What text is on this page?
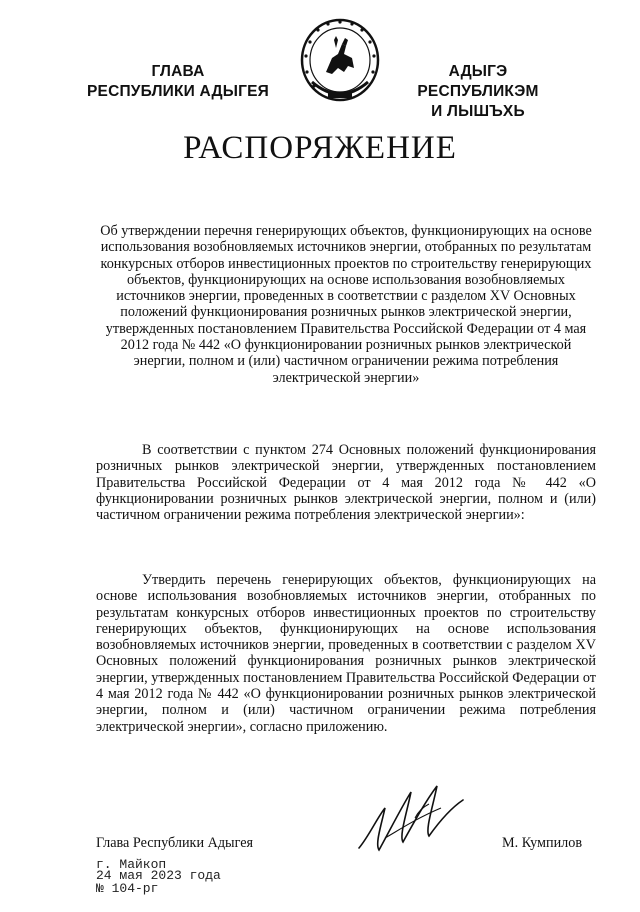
ГЛАВА
РЕСПУБЛИКИ АДЫГЕЯ
АДЫГЭ РЕСПУБЛИКЭМ
И ЛЫШЪХЬ
РАСПОРЯЖЕНИЕ
Об утверждении перечня генерирующих объектов, функционирующих на основе использования возобновляемых источников энергии, отобранных по результатам конкурсных отборов инвестиционных проектов по строительству генерирующих объектов, функционирующих на основе использования возобновляемых источников энергии, проведенных в соответствии с разделом XV Основных положений функционирования розничных рынков электрической энергии, утвержденных постановлением Правительства Российской Федерации от 4 мая 2012 года № 442 «О функционировании розничных рынков электрической энергии, полном и (или) частичном ограничении режима потребления электрической энергии»
В соответствии с пунктом 274 Основных положений функционирования розничных рынков электрической энергии, утвержденных постановлением Правительства Российской Федерации от 4 мая 2012 года № 442 «О функционировании розничных рынков электрической энергии, полном и (или) частичном ограничении режима потребления электрической энергии»:
Утвердить перечень генерирующих объектов, функционирующих на основе использования возобновляемых источников энергии, отобранных по результатам конкурсных отборов инвестиционных проектов по строительству генерирующих объектов, функционирующих на основе использования возобновляемых источников энергии, проведенных в соответствии с разделом XV Основных положений функционирования розничных рынков электрической энергии, утвержденных постановлением Правительства Российской Федерации от 4 мая 2012 года № 442 «О функционировании розничных рынков электрической энергии, полном и (или) частичном ограничении режима потребления электрической энергии», согласно приложению.
Глава Республики Адыгея	М. Кумпилов
г. Майкоп
24 мая 2023 года
№ 104-рг
